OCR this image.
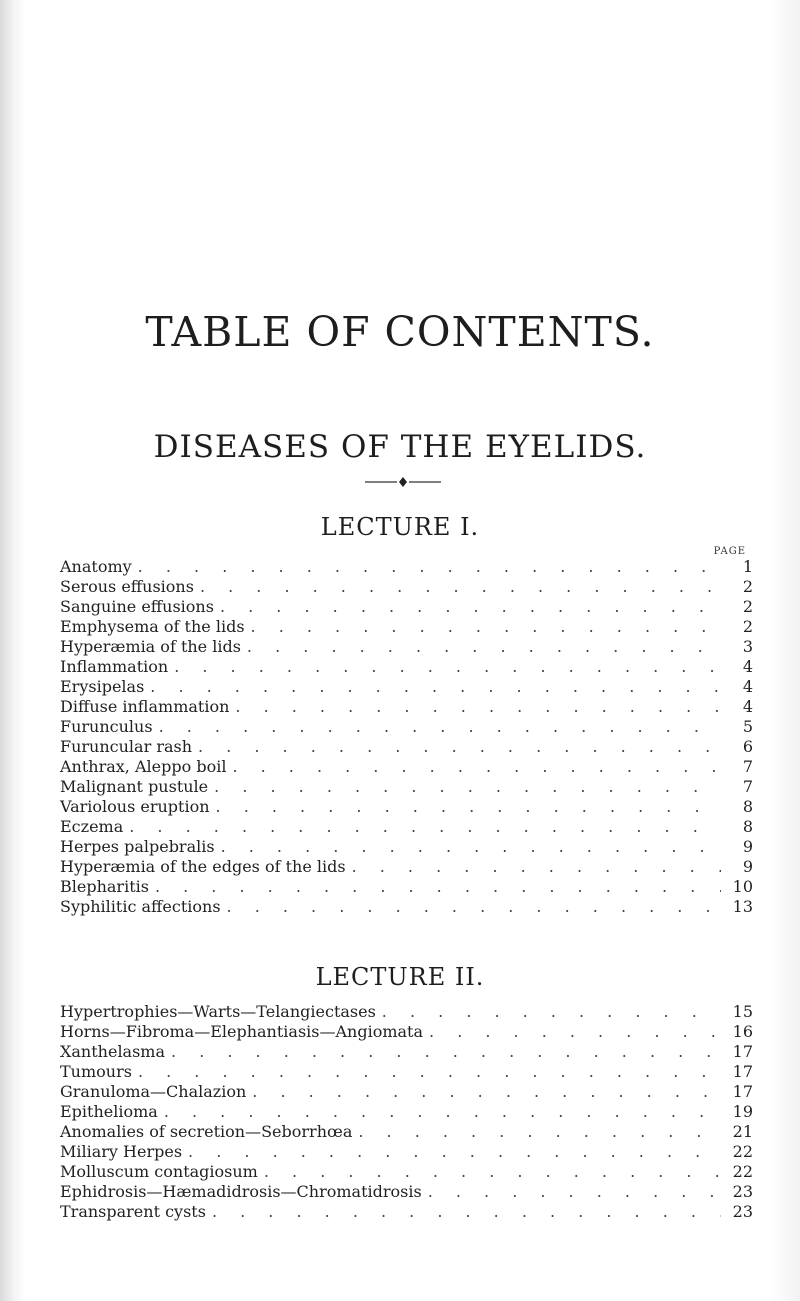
TABLE OF CONTENTS.
DISEASES OF THE EYELIDS.
LECTURE I.
PAGE
Anatomy . . .	1
Serous effusions . . .	2
Sanguine effusions . . .	2
Emphysema of the lids . . .	2
Hyperæmia of the lids . . .	3
Inflammation . . .	4
Erysipelas . . .	4
Diffuse inflammation . . .	4
Furunculus . . .	5
Furuncular rash . . .	6
Anthrax, Aleppo boil . . .	7
Malignant pustule . . .	7
Variolous eruption . . .	8
Eczema . . .	8
Herpes palpebralis . . .	9
Hyperæmia of the edges of the lids . . .	9
Blepharitis . . .	10
Syphilitic affections . . .	13
LECTURE II.
Hypertrophies—Warts—Telangiectases . . .	15
Horns—Fibroma—Elephantiasis—Angiomata . . .	16
Xanthelasma . . .	17
Tumours . . .	17
Granuloma—Chalazion . . .	17
Epithelioma . . .	19
Anomalies of secretion—Seborrhœa . . .	21
Miliary Herpes . . .	22
Molluscum contagiosum . . .	22
Ephidrosis—Hæmadidrosis—Chromatidrosis . . .	23
Transparent cysts . . .	23
